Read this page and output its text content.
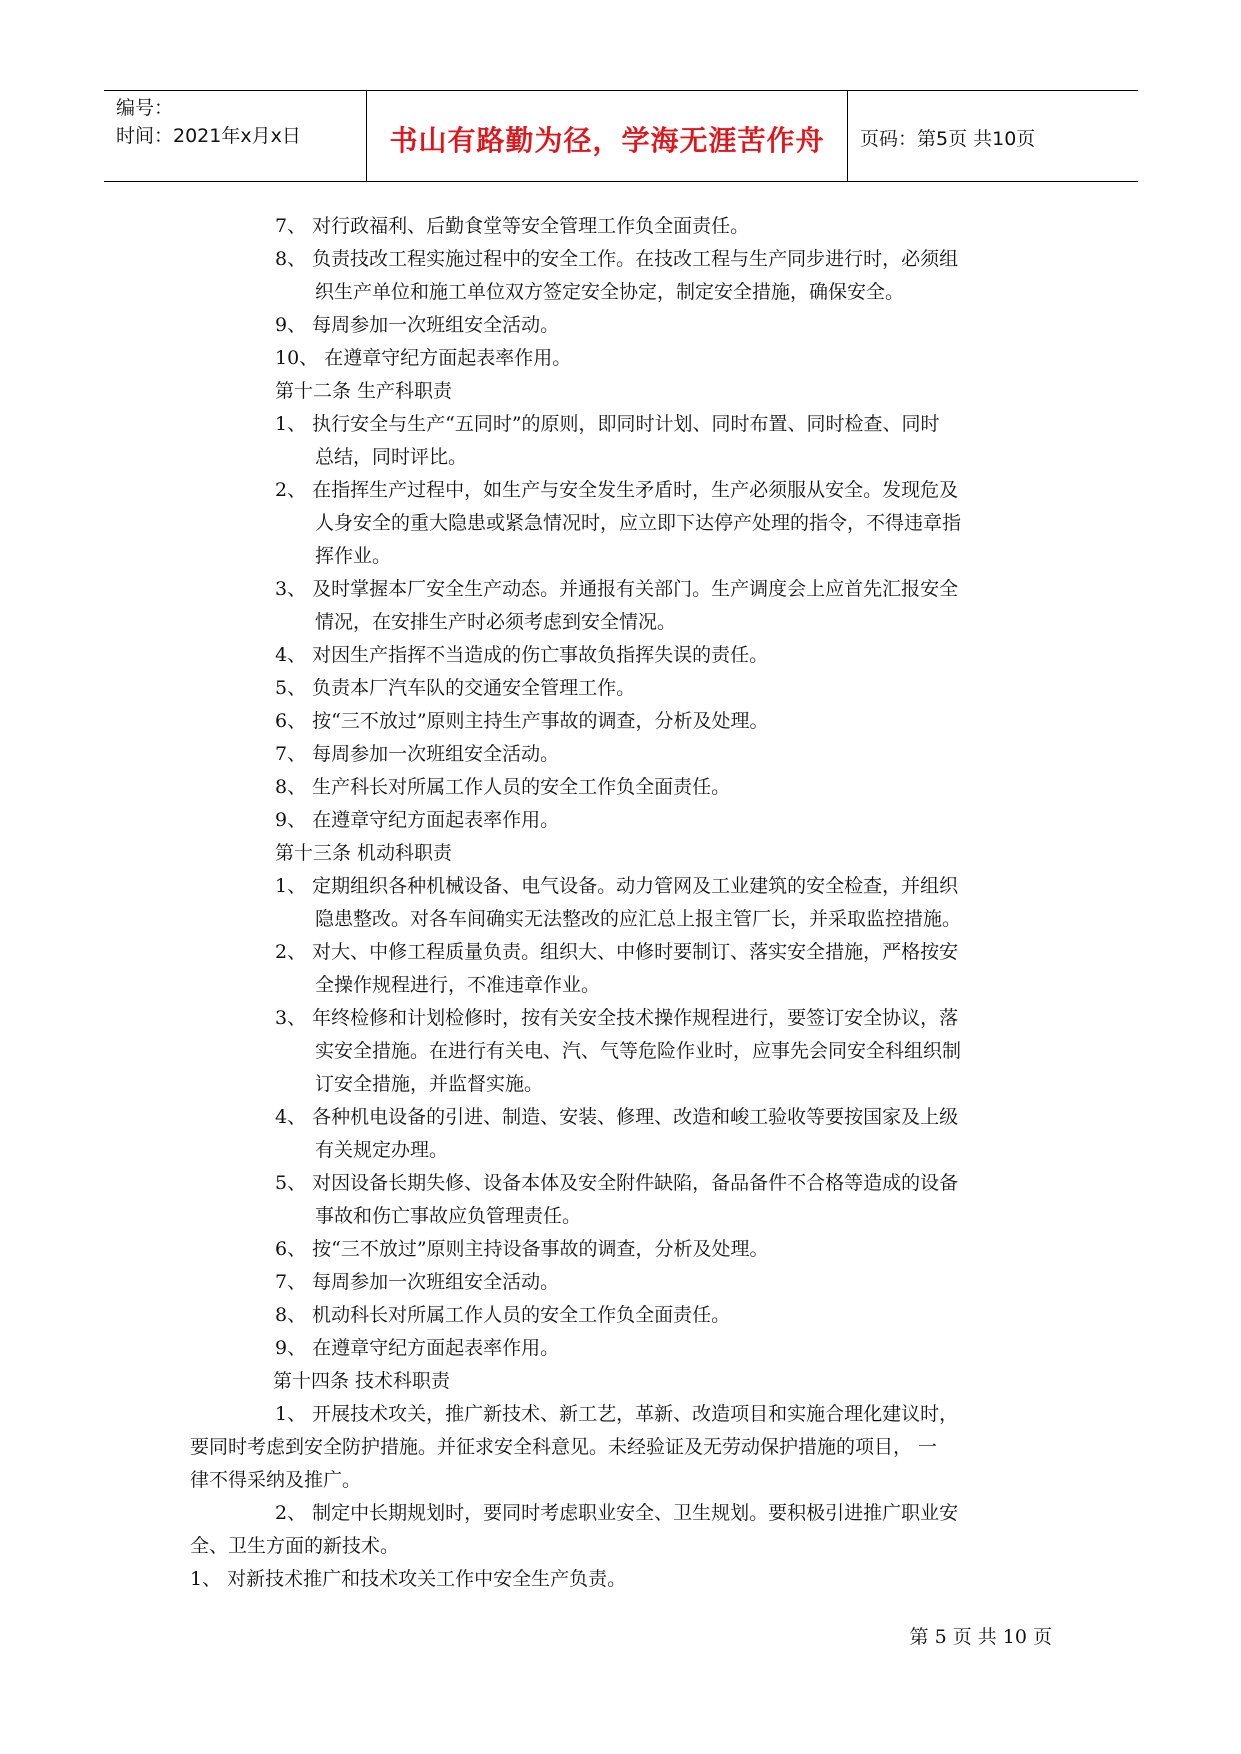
编号：
时间：2021年x月x日	书山有路勤为径，学海无涯苦作舟	页码：第5页 共10页
7、 对行政福利、后勤食堂等安全管理工作负全面责任。
8、 负责技改工程实施过程中的安全工作。在技改工程与生产同步进行时，必须组
织生产单位和施工单位双方签定安全协定，制定安全措施，确保安全。
9、 每周参加一次班组安全活动。
10、 在遵章守纪方面起表率作用。
第十二条 生产科职责
1、 执行安全与生产“五同时”的原则，即同时计划、同时布置、同时检查、同时
总结，同时评比。
2、 在指挥生产过程中，如生产与安全发生矛盾时，生产必须服从安全。发现危及
人身安全的重大隐患或紧急情况时，应立即下达停产处理的指令，不得违章指
挥作业。
3、 及时掌握本厂安全生产动态。并通报有关部门。生产调度会上应首先汇报安全
情况，在安排生产时必须考虑到安全情况。
4、 对因生产指挥不当造成的伤亡事故负指挥失误的责任。
5、 负责本厂汽车队的交通安全管理工作。
6、 按“三不放过”原则主持生产事故的调查，分析及处理。
7、 每周参加一次班组安全活动。
8、 生产科长对所属工作人员的安全工作负全面责任。
9、 在遵章守纪方面起表率作用。
第十三条 机动科职责
1、 定期组织各种机械设备、电气设备。动力管网及工业建筑的安全检查，并组织
隐患整改。对各车间确实无法整改的应汇总上报主管厂长，并采取监控措施。
2、 对大、中修工程质量负责。组织大、中修时要制订、落实安全措施，严格按安
全操作规程进行，不准违章作业。
3、 年终检修和计划检修时，按有关安全技术操作规程进行，要签订安全协议，落
实安全措施。在进行有关电、汽、气等危险作业时，应事先会同安全科组织制
订安全措施，并监督实施。
4、 各种机电设备的引进、制造、安装、修理、改造和峻工验收等要按国家及上级
有关规定办理。
5、 对因设备长期失修、设备本体及安全附件缺陷，备品备件不合格等造成的设备
事故和伤亡事故应负管理责任。
6、 按“三不放过”原则主持设备事故的调查，分析及处理。
7、 每周参加一次班组安全活动。
8、 机动科长对所属工作人员的安全工作负全面责任。
9、 在遵章守纪方面起表率作用。
第十四条 技术科职责
1、 开展技术攻关，推广新技术、新工艺，革新、改造项目和实施合理化建议时，
要同时考虑到安全防护措施。并征求安全科意见。未经验证及无劳动保护措施的项目， 一
律不得采纳及推广。
2、 制定中长期规划时，要同时考虑职业安全、卫生规划。要积极引进推广职业安
全、卫生方面的新技术。
1、 对新技术推广和技术攻关工作中安全生产负责。
第 5 页 共 10 页
